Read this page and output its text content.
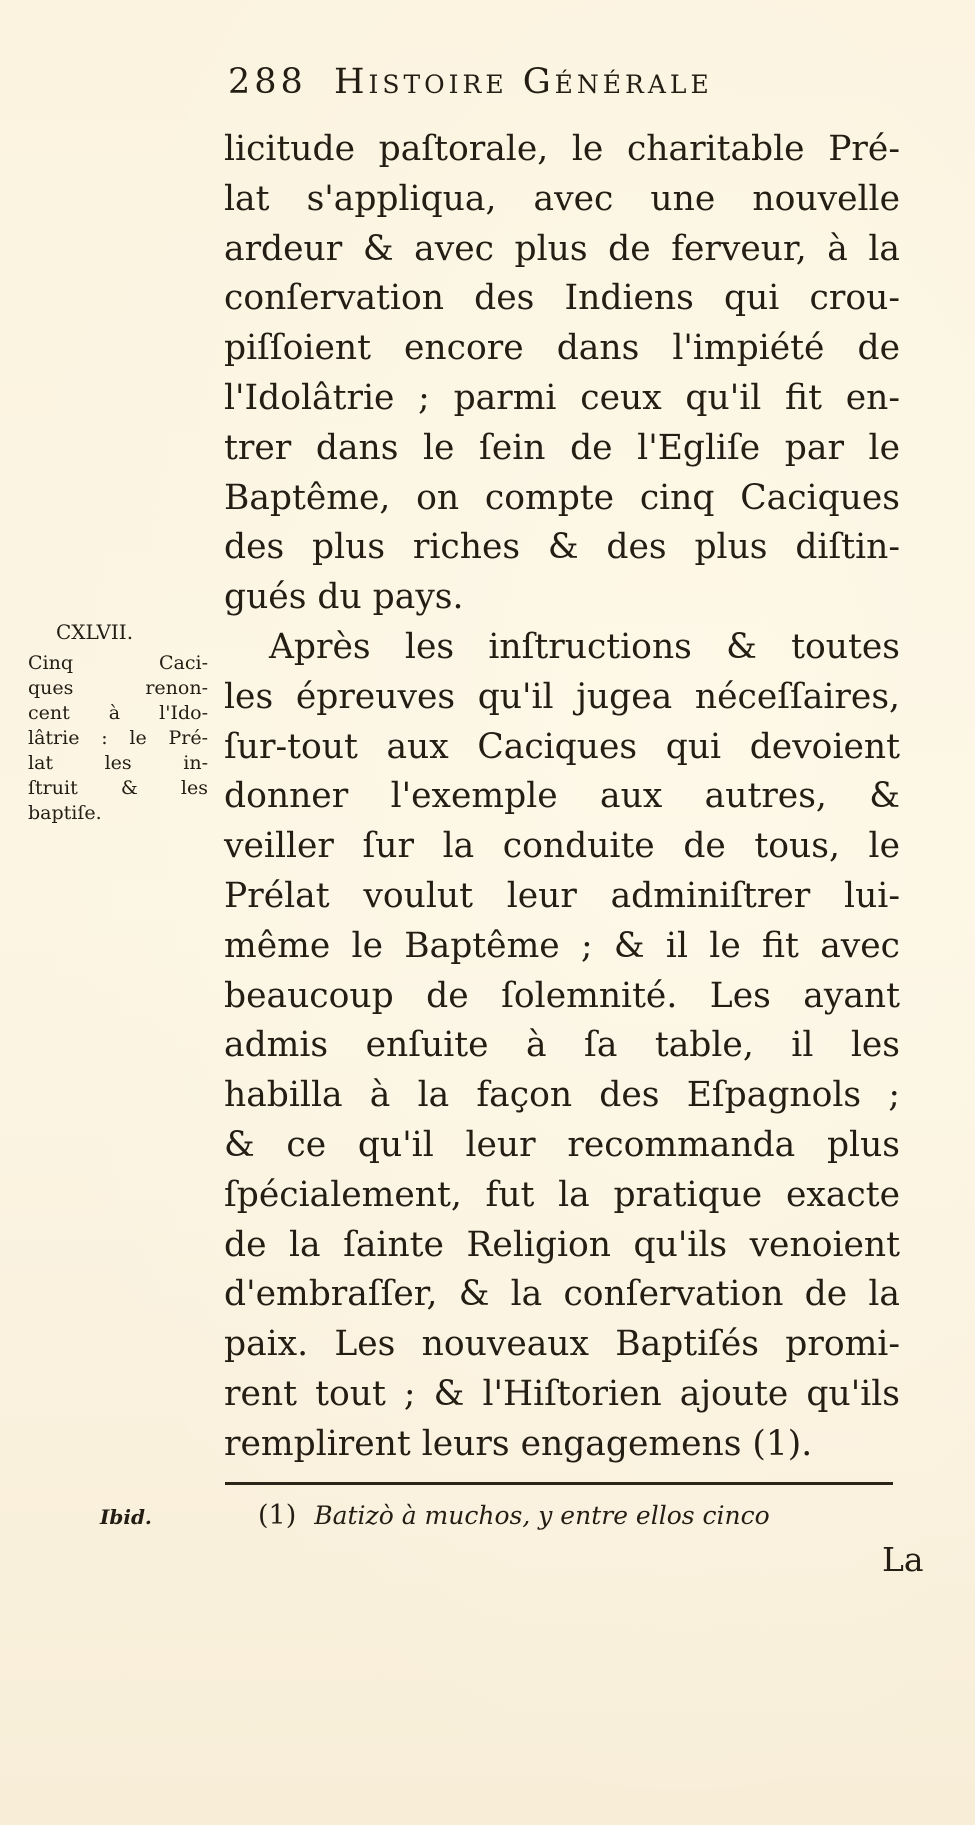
288 Histoire Générale
licitude paſtorale, le charitable Pré-
lat s'appliqua, avec une nouvelle
ardeur & avec plus de ferveur, à la
conſervation des Indiens qui crou-
piſſoient encore dans l'impiété de
l'Idolâtrie ; parmi ceux qu'il fit en-
trer dans le ſein de l'Egliſe par le
Baptême, on compte cinq Caciques
des plus riches & des plus diſtin-
gués du pays.
Après les inſtructions & toutes
les épreuves qu'il jugea néceſſaires,
ſur-tout aux Caciques qui devoient
donner l'exemple aux autres, &
veiller ſur la conduite de tous, le
Prélat voulut leur adminiſtrer lui-
même le Baptême ; & il le fit avec
beaucoup de ſolemnité. Les ayant
admis enſuite à ſa table, il les
habilla à la façon des Eſpagnols ;
& ce qu'il leur recommanda plus
ſpécialement, fut la pratique exacte
de la ſainte Religion qu'ils venoient
d'embraſſer, & la conſervation de la
paix. Les nouveaux Baptiſés promi-
rent tout ; & l'Hiſtorien ajoute qu'ils
remplirent leurs engagemens (1).
CXLVII.
Cinq Caci-
ques renon-
cent à l'Ido-
lâtrie : le Pré-
lat les in-
ſtruit & les
baptiſe.
Ibid.	(1) Batizò à muchos, y entre ellos cinco
La
